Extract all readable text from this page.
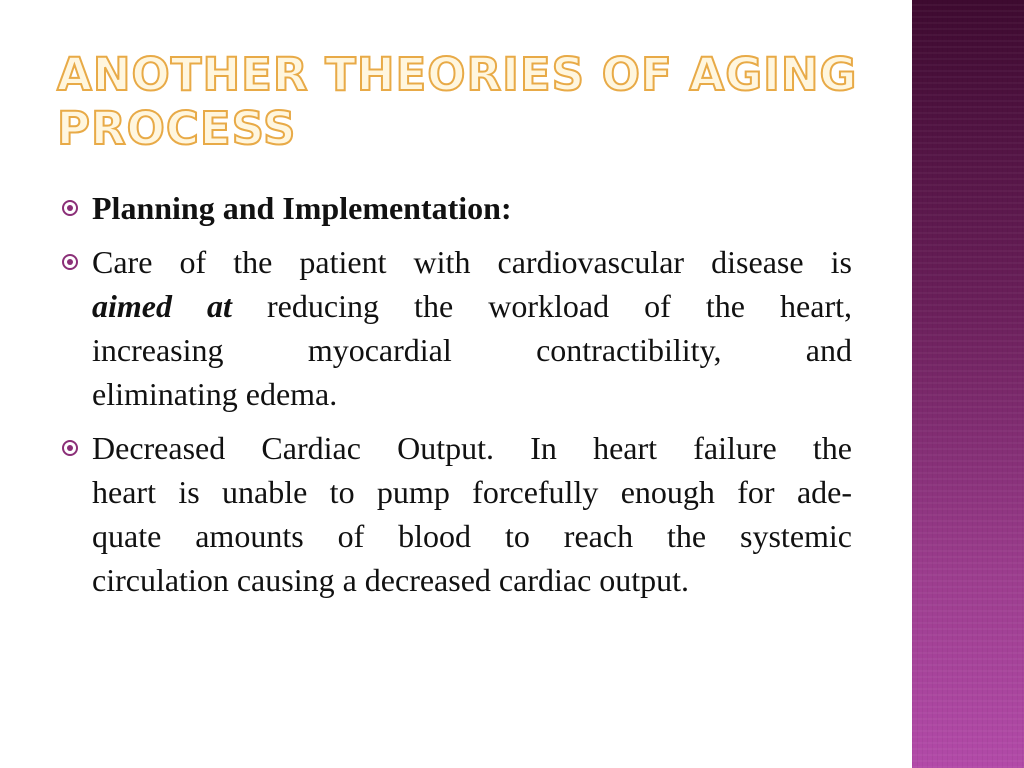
ANOTHER THEORIES OF AGING PROCESS
Planning and Implementation:
Care of the patient with cardiovascular disease is
aimed at reducing the workload of the heart,
increasing myocardial contractibility, and
eliminating edema.
Decreased Cardiac Output. In heart failure the
heart is unable to pump forcefully enough for ade-
quate amounts of blood to reach the systemic
circulation causing a decreased cardiac output.
